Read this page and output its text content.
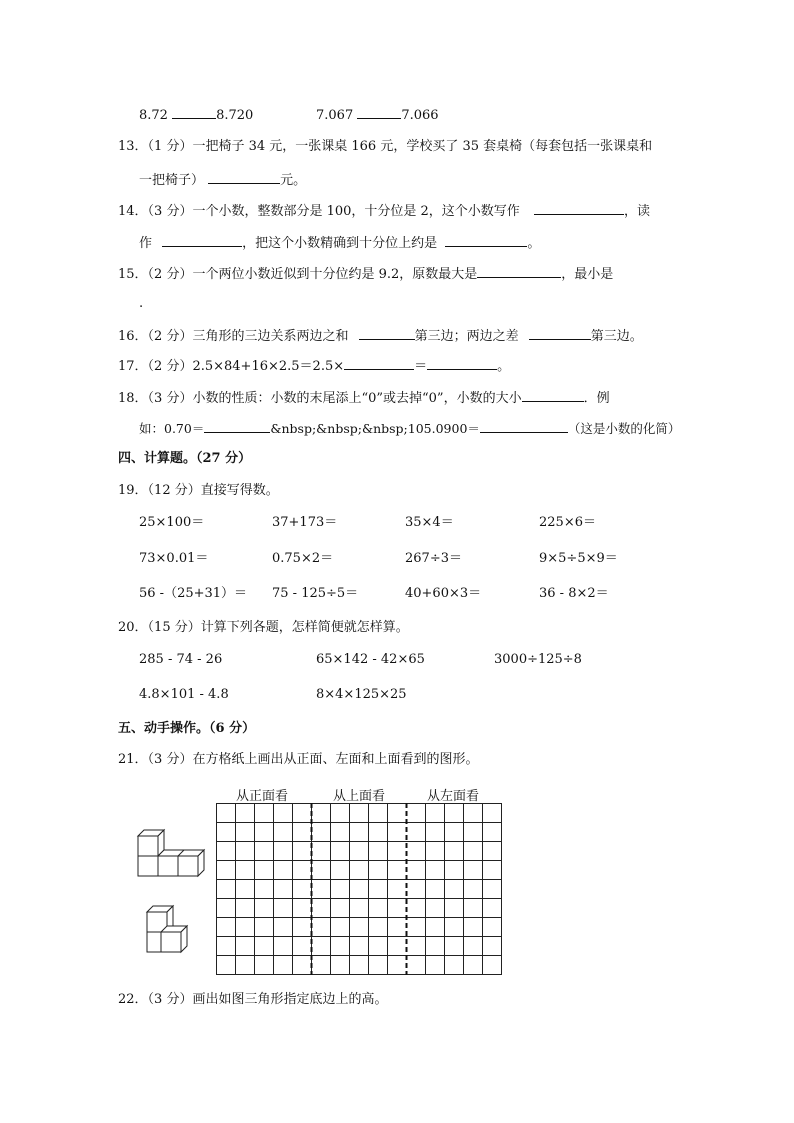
8.72	8.720	7.067	7.066
13．（1 分）一把椅子 34 元，一张课桌 166 元，学校买了 35 套桌椅（每套包括一张课桌和
一把椅子）	元。
14．（3 分）一个小数，整数部分是 100，十分位是 2，这个小数写作	，读
作	，把这个小数精确到十分位上约是	。
15．（2 分）一个两位小数近似到十分位约是 9.2，原数最大是	，最小是
.
16．（2 分）三角形的三边关系两边之和	第三边；两边之差	第三边。
17．（2 分）2.5×84+16×2.5＝2.5×	＝	。
18．（3 分）小数的性质：小数的末尾添上“0”或去掉“0”，小数的大小	．例
如：0.70＝	&nbsp;&nbsp;&nbsp;105.0900＝	（这是小数的化简）
四、计算题。（27 分）
19．（12 分）直接写得数。
25×100＝	37+173＝	35×4＝	225×6＝
73×0.01＝	0.75×2＝	267÷3＝	9×5÷5×9＝
56 -（25+31）＝ 75 - 125÷5＝	40+60×3＝	36 - 8×2＝
20．（15 分）计算下列各题，怎样简便就怎样算。
285 - 74 - 26	65×142 - 42×65	3000÷125÷8
4.8×101 - 4.8	8×4×125×25
五、动手操作。（6 分）
21．（3 分）在方格纸上画出从正面、左面和上面看到的图形。
从正面看	从上面看	从左面看
22．（3 分）画出如图三角形指定底边上的高。
